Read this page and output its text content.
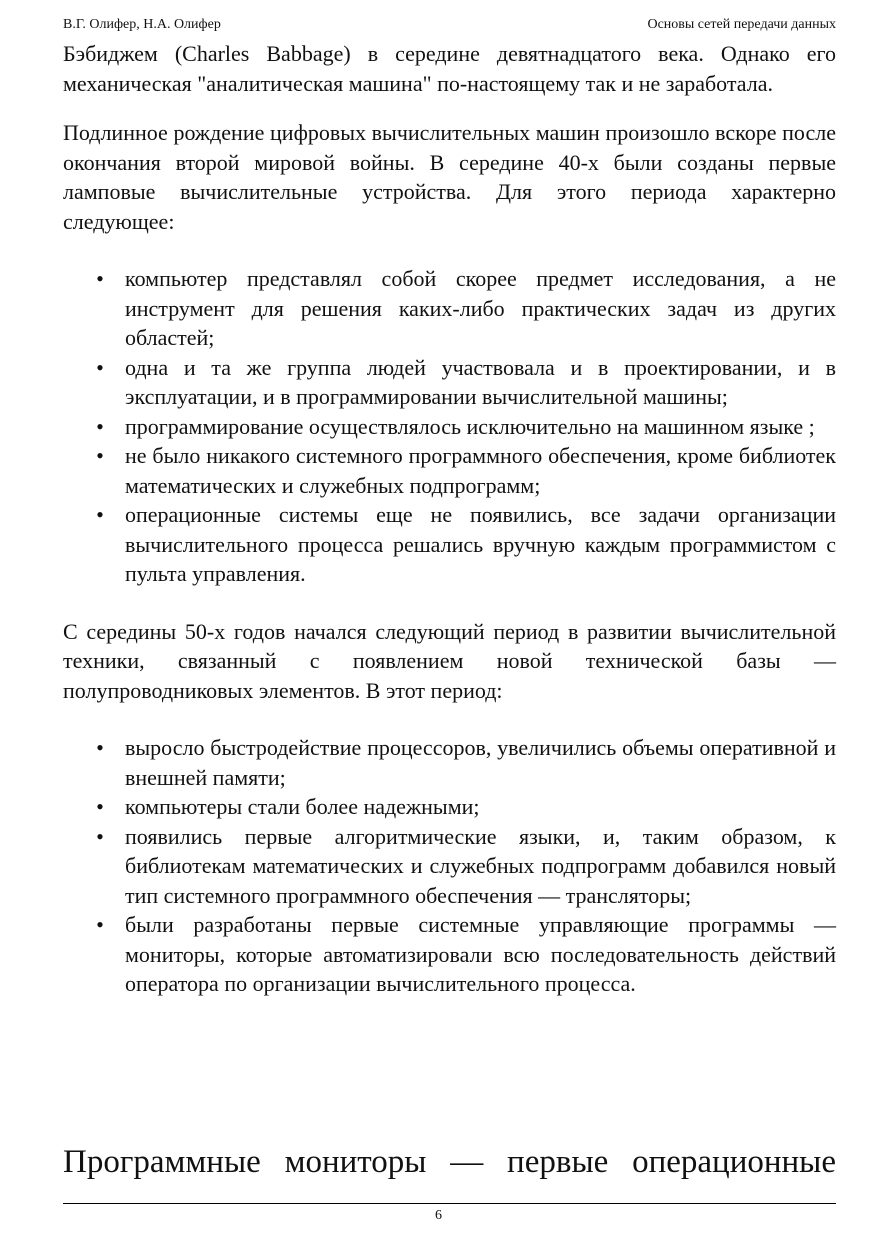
В.Г. Олифер, Н.А. Олифер	Основы сетей передачи данных

Бэбиджем (Charles Babbage) в середине девятнадцатого века. Однако его механическая "аналитическая машина" по-настоящему так и не заработала.

Подлинное рождение цифровых вычислительных машин произошло вскоре после окончания второй мировой войны. В середине 40-х были созданы первые ламповые вычислительные устройства. Для этого периода характерно следующее:

• компьютер представлял собой скорее предмет исследования, а не инструмент для решения каких-либо практических задач из других областей;
• одна и та же группа людей участвовала и в проектировании, и в эксплуатации, и в программировании вычислительной машины;
• программирование осуществлялось исключительно на машинном языке ;
• не было никакого системного программного обеспечения, кроме библиотек математических и служебных подпрограмм;
• операционные системы еще не появились, все задачи организации вычислительного процесса решались вручную каждым программистом с пульта управления.

С середины 50-х годов начался следующий период в развитии вычислительной техники, связанный с появлением новой технической базы — полупроводниковых элементов. В этот период:

• выросло быстродействие процессоров, увеличились объемы оперативной и внешней памяти;
• компьютеры стали более надежными;
• появились первые алгоритмические языки, и, таким образом, к библиотекам математических и служебных подпрограмм добавился новый тип системного программного обеспечения — трансляторы;
• были разработаны первые системные управляющие программы — мониторы, которые автоматизировали всю последовательность действий оператора по организации вычислительного процесса.
Программные мониторы — первые операционные
6
